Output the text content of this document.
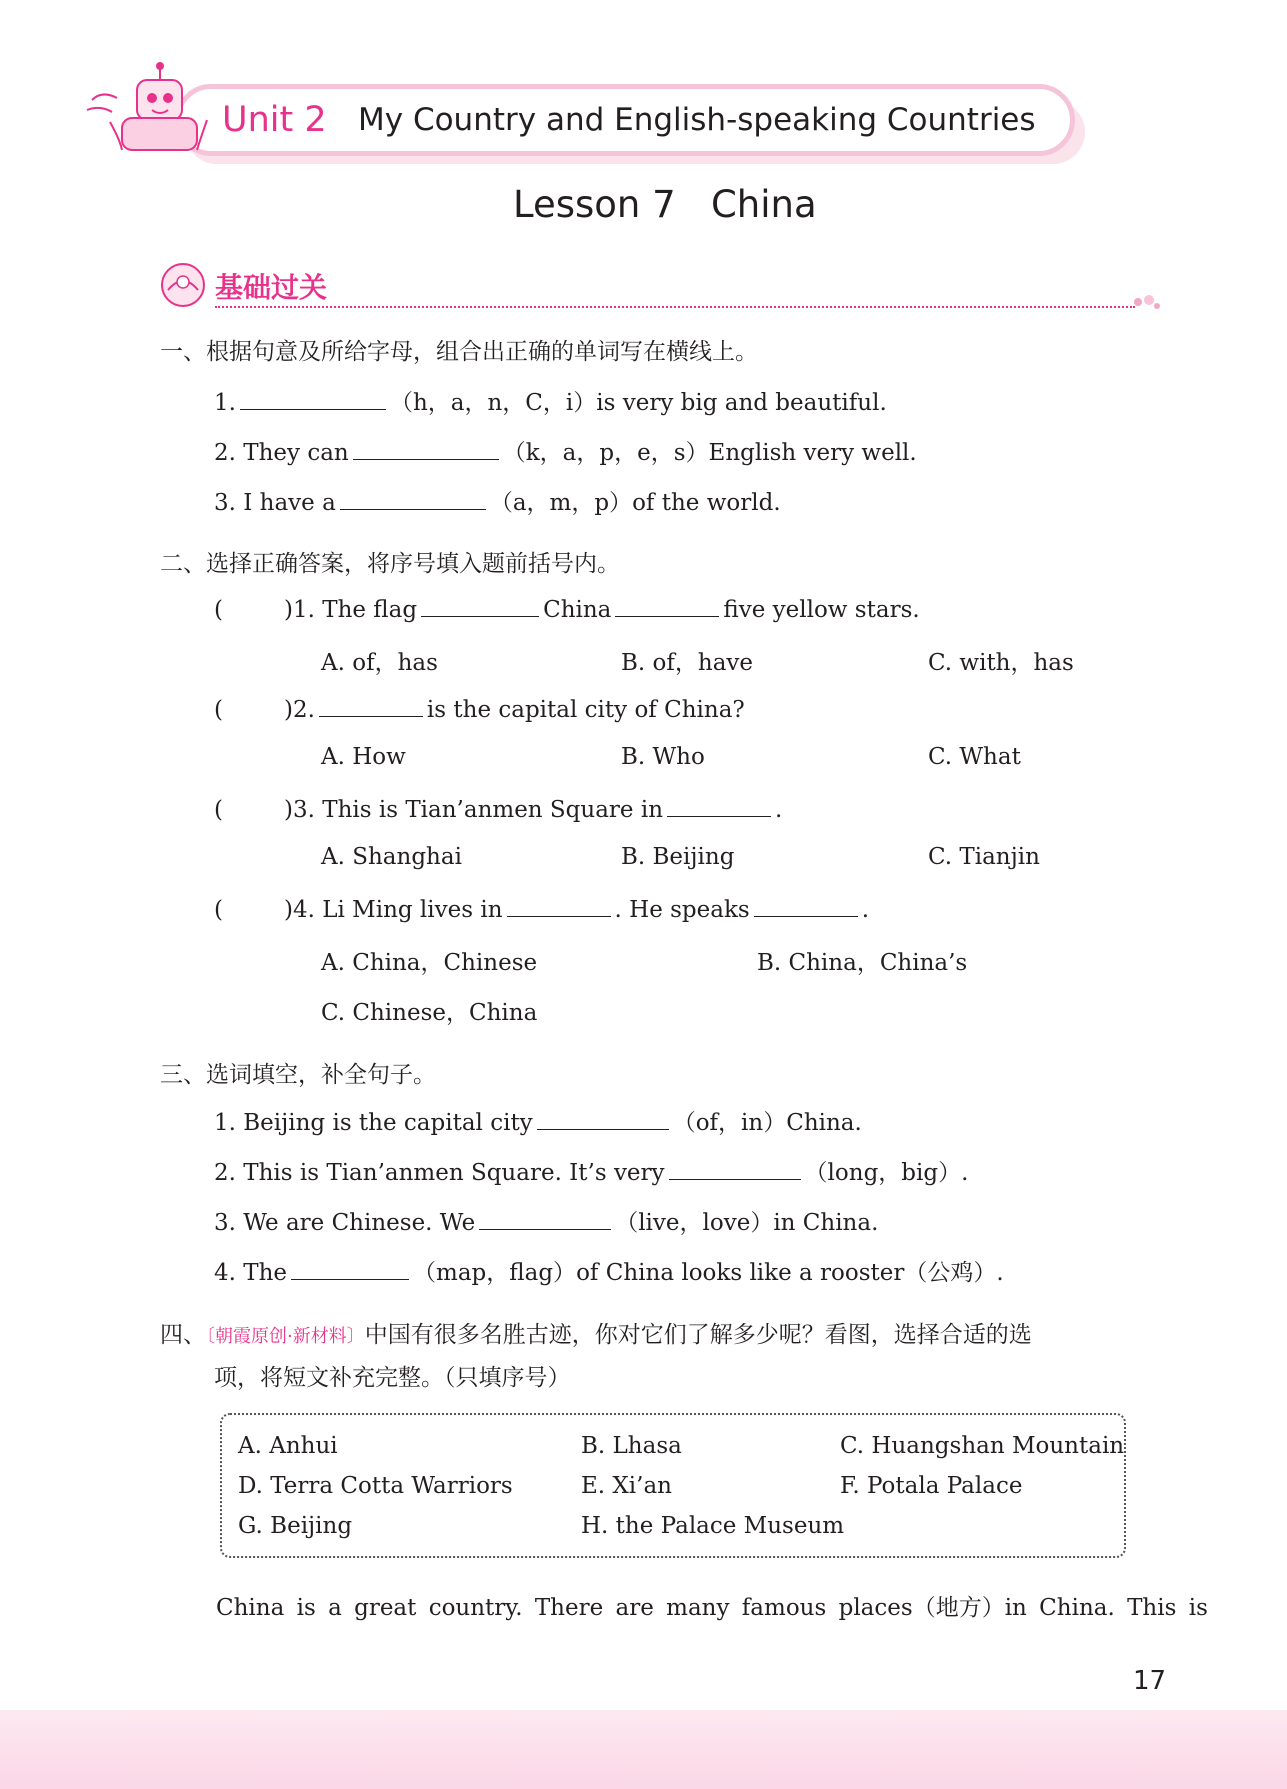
Unit 2 My Country and English-speaking Countries
Lesson 7   China
基础过关
一、根据句意及所给字母，组合出正确的单词写在横线上。
1.	（h，a，n，C，i）is very big and beautiful.
2. They can	（k，a，p，e，s）English very well.
3. I have a	（a，m，p）of the world.
二、选择正确答案，将序号填入题前括号内。
(	)1. The flag	China	five yellow stars.
A. of，has	B. of，have	C. with，has
(	)2.	is the capital city of China?
A. How	B. Who	C. What
(	)3. This is Tian’anmen Square in	.
A. Shanghai	B. Beijing	C. Tianjin
(	)4. Li Ming lives in	. He speaks	.
A. China，Chinese	B. China，China’s
C. Chinese，China
三、选词填空，补全句子。
1. Beijing is the capital city	（of，in）China.
2. This is Tian’anmen Square. It’s very	（long，big）.
3. We are Chinese. We	（live，love）in China.
4. The	（map，flag）of China looks like a rooster（公鸡）.
四、〔朝霞原创·新材料〕中国有很多名胜古迹，你对它们了解多少呢？看图，选择合适的选
项，将短文补充完整。（只填序号）
A. Anhui	B. Lhasa	C. Huangshan Mountain
D. Terra Cotta Warriors	E. Xi’an	F. Potala Palace
G. Beijing	H. the Palace Museum
China is a great country. There are many famous places（地方）in China. This is
17
